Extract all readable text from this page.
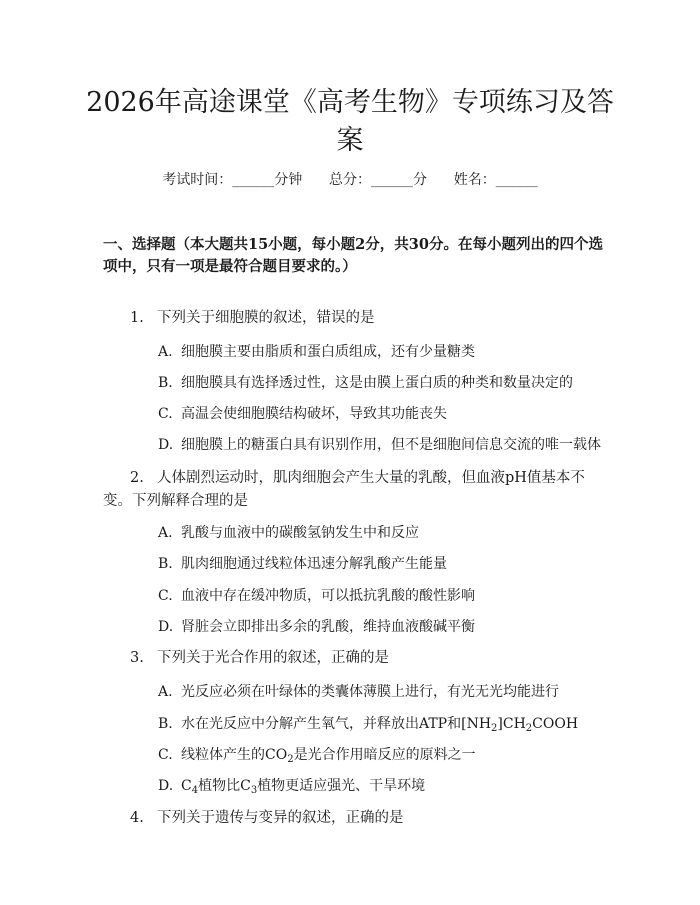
2026年高途课堂《高考生物》专项练习及答案
考试时间：______分钟      总分：______分      姓名：______
一、选择题（本大题共15小题，每小题2分，共30分。在每小题列出的四个选项中，只有一项是最符合题目要求的。）
1. 下列关于细胞膜的叙述，错误的是
A. 细胞膜主要由脂质和蛋白质组成，还有少量糖类
B. 细胞膜具有选择透过性，这是由膜上蛋白质的种类和数量决定的
C. 高温会使细胞膜结构破坏，导致其功能丧失
D. 细胞膜上的糖蛋白具有识别作用，但不是细胞间信息交流的唯一载体
2. 人体剧烈运动时，肌肉细胞会产生大量的乳酸，但血液pH值基本不变。下列解释合理的是
A. 乳酸与血液中的碳酸氢钠发生中和反应
B. 肌肉细胞通过线粒体迅速分解乳酸产生能量
C. 血液中存在缓冲物质，可以抵抗乳酸的酸性影响
D. 肾脏会立即排出多余的乳酸，维持血液酸碱平衡
3. 下列关于光合作用的叙述，正确的是
A. 光反应必须在叶绿体的类囊体薄膜上进行，有光无光均能进行
B. 水在光反应中分解产生氧气，并释放出ATP和$[NH_2]CH_2COOH$
C. 线粒体产生的$CO_2$是光合作用暗反应的原料之一
D. $C_4$植物比$C_3$植物更适应强光、干旱环境
4. 下列关于遗传与变异的叙述，正确的是
